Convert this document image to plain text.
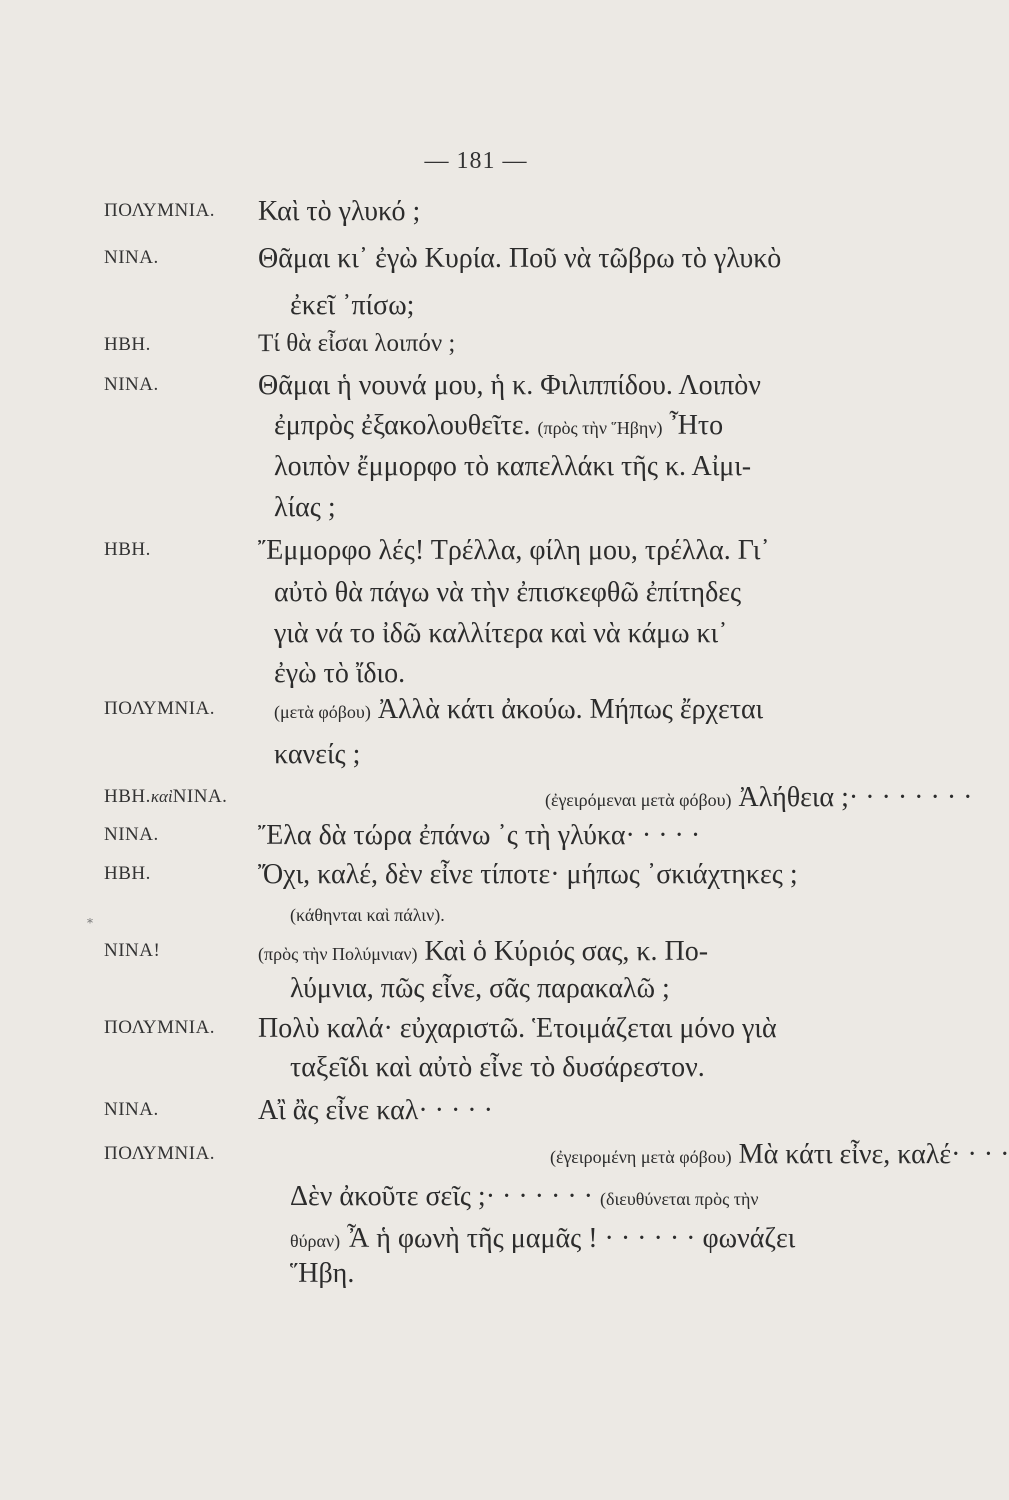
— 181 —
ΠΟΛΥΜΝΙΑ. Καὶ τὸ γλυκό ;
ΝΙΝΑ.	Θᾶμαι κι᾽ ἐγὼ Κυρία. Ποῦ νὰ τῶβρω τὸ γλυκὸ
ἐκεῖ ᾽πίσω;
ΗΒΗ.	Τί θὰ εἶσαι λοιπόν ;
ΝΙΝΑ.	Θᾶμαι ἡ νουνά μου, ἡ κ. Φιλιππίδου. Λοιπὸν
ἐμπρὸς ἐξακολουθεῖτε. (πρὸς τὴν Ἥβην) Ἦτο
λοιπὸν ἔμμορφο τὸ καπελλάκι τῆς κ. Αἰμι-
λίας ;
ΗΒΗ.	Ἔμμορφο λές! Τρέλλα, φίλη μου, τρέλλα. Γι᾽
αὐτὸ θὰ πάγω νὰ τὴν ἐπισκεφθῶ ἐπίτηδες
γιὰ νά το ἰδῶ καλλίτερα καὶ νὰ κάμω κι᾽
ἐγὼ τὸ ἴδιο.
ΠΟΛΥΜΝΙΑ.	(μετὰ φόβου) Ἀλλὰ κάτι ἀκούω. Μήπως ἔρχεται
κανείς ;
ΗΒΗ.καὶΝΙΝΑ.	(ἐγειρόμεναι μετὰ φόβου) Ἀλήθεια ;· · · · · · · ·
ΝΙΝΑ.	Ἔλα δὰ τώρα ἐπάνω ᾽ς τὴ γλύκα· · · · ·
ΗΒΗ.	Ὄχι, καλέ, δὲν εἶνε τίποτε· μήπως ᾽σκιάχτηκες ;
(κάθηνται καὶ πάλιν).
ΝΙΝΑ!	(πρὸς τὴν Πολύμνιαν) Καὶ ὁ Κύριός σας, κ. Πο-
λύμνια, πῶς εἶνε, σᾶς παρακαλῶ ;
ΠΟΛΥΜΝΙΑ. Πολὺ καλά· εὐχαριστῶ. Ἑτοιμάζεται μόνο γιὰ
ταξεῖδι καὶ αὐτὸ εἶνε τὸ δυσάρεστον.
ΝΙΝΑ.	Αἲ ἂς εἶνε καλ· · · · ·
ΠΟΛΥΜΝΙΑ.	(ἐγειρομένη μετὰ φόβου) Μὰ κάτι εἶνε, καλέ· · · ·
Δὲν ἀκοῦτε σεῖς ;· · · · · · · (διευθύνεται πρὸς τὴν
θύραν) Ἆ ἡ φωνὴ τῆς μαμᾶς ! · · · · · · φωνάζει
Ἥβη.
*
